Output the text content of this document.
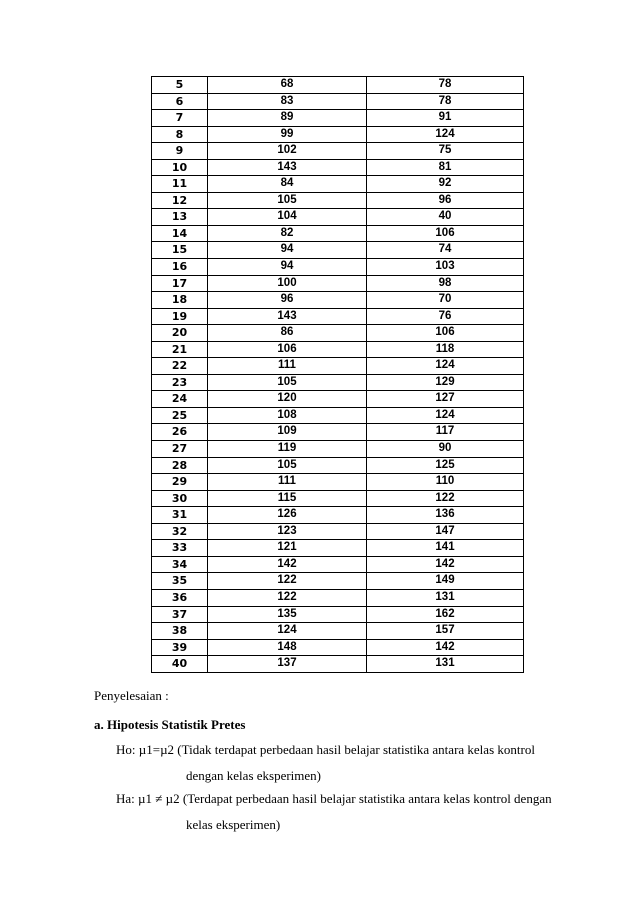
5	68	78
6	83	78
7	89	91
8	99	124
9	102	75
10	143	81
11	84	92
12	105	96
13	104	40
14	82	106
15	94	74
16	94	103
17	100	98
18	96	70
19	143	76
20	86	106
21	106	118
22	111	124
23	105	129
24	120	127
25	108	124
26	109	117
27	119	90
28	105	125
29	111	110
30	115	122
31	126	136
32	123	147
33	121	141
34	142	142
35	122	149
36	122	131
37	135	162
38	124	157
39	148	142
40	137	131
Penyelesaian :
a. Hipotesis Statistik Pretes
Ho: µ1=µ2 (Tidak terdapat perbedaan hasil belajar statistika antara kelas kontrol
dengan kelas eksperimen)
Ha: µ1 ≠ µ2 (Terdapat perbedaan hasil belajar statistika antara kelas kontrol dengan
kelas eksperimen)
